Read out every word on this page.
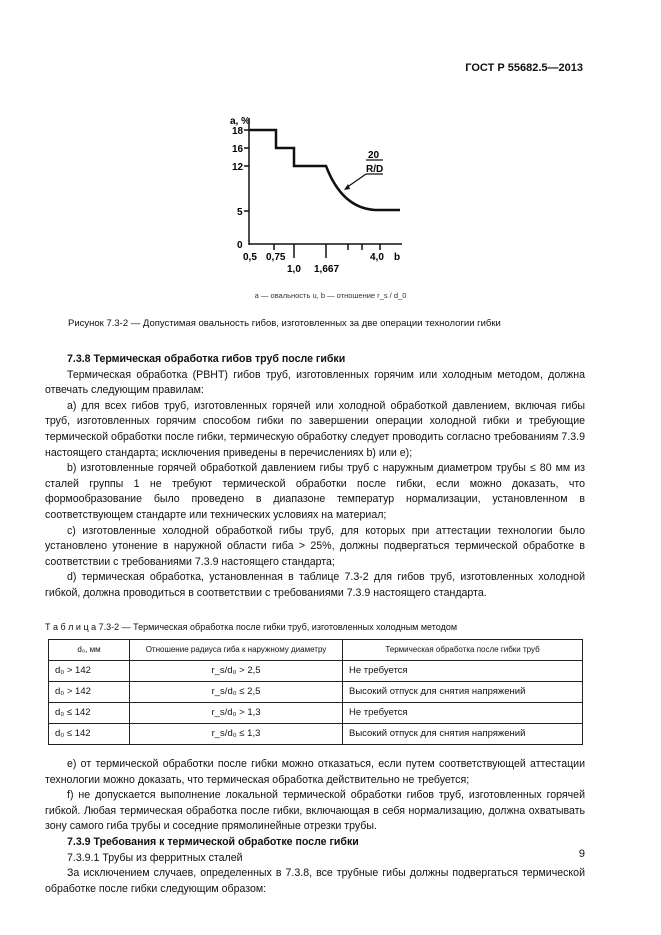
ГОСТ Р 55682.5—2013
a, %
18
16
12
5
0
0,5 0,75	4,0 b
1,0 1,667
20
R/D
a — овальность u, b — отношение r_s / d_0
Рисунок 7.3-2 — Допустимая овальность гибов, изготовленных за две операции технологии гибки
7.3.8 Термическая обработка гибов труб после гибки

Термическая обработка (PBHT) гибов труб, изготовленных горячим или холодным методом, должна отвечать следующим правилам:

а) для всех гибов труб, изготовленных горячей или холодной обработкой давлением, включая гибы труб, изготовленных горячим способом гибки по завершении операции холодной гибки и требующие термической обработки после гибки, термическую обработку следует проводить согласно требованиям 7.3.9 настоящего стандарта; исключения приведены в перечислениях b) или e);

b) изготовленные горячей обработкой давлением гибы труб с наружным диаметром трубы ≤ 80 мм из сталей группы 1 не требуют термической обработки после гибки, если можно доказать, что формообразование было проведено в диапазоне температур нормализации, установленном в соответствующем стандарте или технических условиях на материал;

c) изготовленные холодной обработкой гибы труб, для которых при аттестации технологии было установлено утонение в наружной области гиба > 25%, должны подвергаться термической обработке в соответствии с требованиями 7.3.9 настоящего стандарта;

d) термическая обработка, установленная в таблице 7.3-2 для гибов труб, изготовленных холодной гибкой, должна проводиться в соответствии с требованиями 7.3.9 настоящего стандарта.

Т а б л и ц а 7.3-2 — Термическая обработка после гибки труб, изготовленных холодным методом
d₀, мм	Отношение радиуса гиба к наружному диаметру	Термическая обработка после гибки труб
d₀ > 142	r_s/d₀ > 2,5	Не требуется
d₀ > 142	r_s/d₀ ≤ 2,5	Высокий отпуск для снятия напряжений
d₀ ≤ 142	r_s/d₀ > 1,3	Не требуется
d₀ ≤ 142	r_s/d₀ ≤ 1,3	Высокий отпуск для снятия напряжений

e) от термической обработки после гибки можно отказаться, если путем соответствующей аттестации технологии можно доказать, что термическая обработка действительно не требуется;

f) не допускается выполнение локальной термической обработки гибов труб, изготовленных горячей гибкой. Любая термическая обработка после гибки, включающая в себя нормализацию, должна охватывать зону самого гиба трубы и соседние прямолинейные отрезки трубы.

7.3.9 Требования к термической обработке после гибки

7.3.9.1 Трубы из ферритных сталей

За исключением случаев, определенных в 7.3.8, все трубные гибы должны подвергаться термической обработке после гибки следующим образом:

9
